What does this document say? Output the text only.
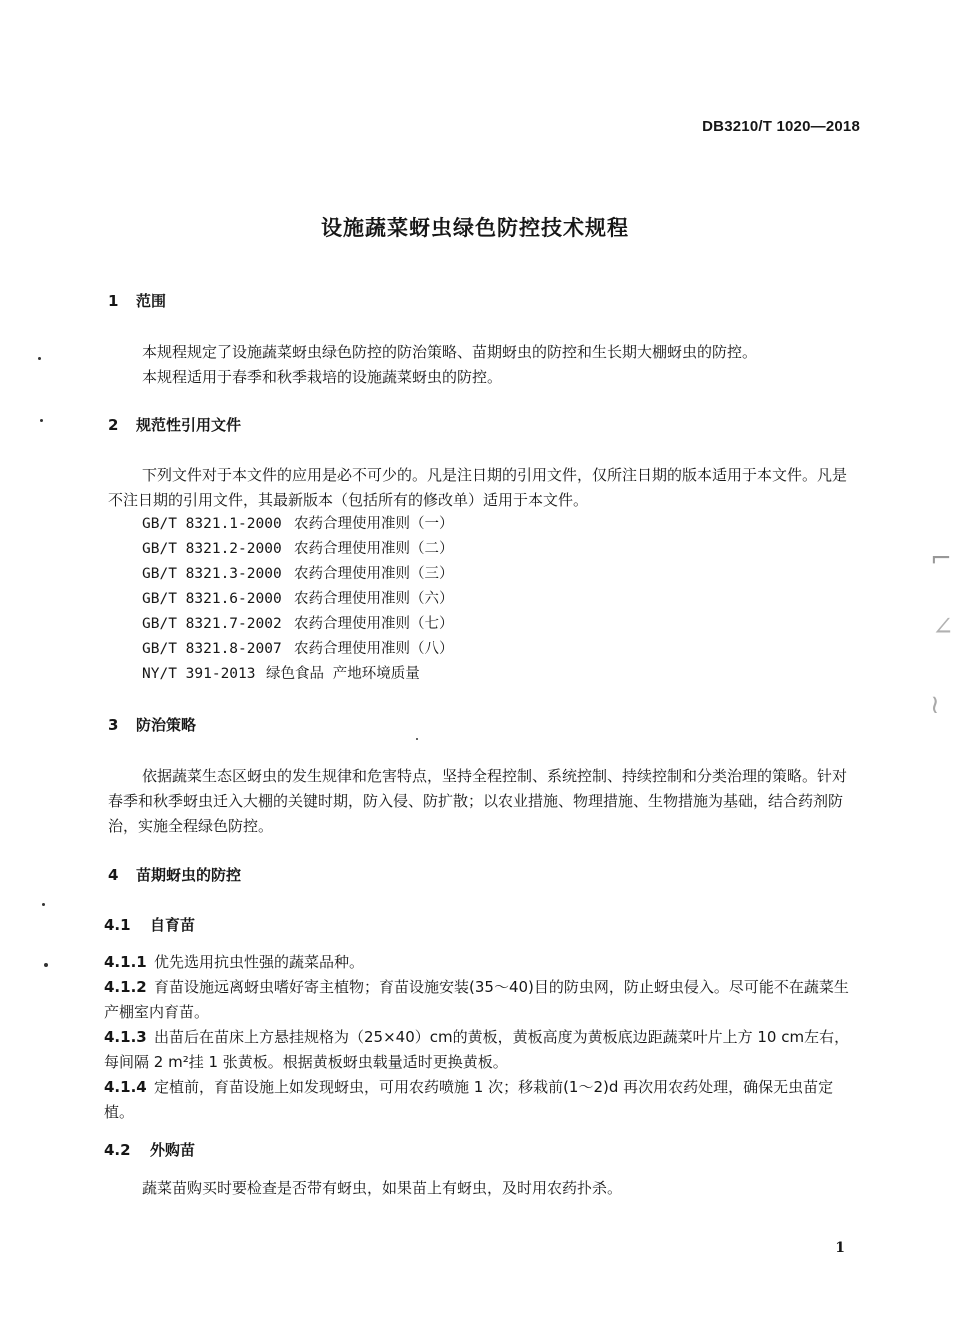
DB3210/T 1020—2018
设施蔬菜蚜虫绿色防控技术规程
1 范围
本规程规定了设施蔬菜蚜虫绿色防控的防治策略、苗期蚜虫的防控和生长期大棚蚜虫的防控。
本规程适用于春季和秋季栽培的设施蔬菜蚜虫的防控。
2 规范性引用文件
下列文件对于本文件的应用是必不可少的。凡是注日期的引用文件，仅所注日期的版本适用于本文件。凡是不注日期的引用文件，其最新版本（包括所有的修改单）适用于本文件。
GB/T 8321.1-2000 农药合理使用准则（一）
GB/T 8321.2-2000 农药合理使用准则（二）
GB/T 8321.3-2000 农药合理使用准则（三）
GB/T 8321.6-2000 农药合理使用准则（六）
GB/T 8321.7-2002 农药合理使用准则（七）
GB/T 8321.8-2007 农药合理使用准则（八）
NY/T 391-2013 绿色食品 产地环境质量
3 防治策略
依据蔬菜生态区蚜虫的发生规律和危害特点，坚持全程控制、系统控制、持续控制和分类治理的策略。针对春季和秋季蚜虫迁入大棚的关键时期，防入侵、防扩散；以农业措施、物理措施、生物措施为基础，结合药剂防治，实施全程绿色防控。
4 苗期蚜虫的防控
4.1 自育苗
4.1.1 优先选用抗虫性强的蔬菜品种。
4.1.2 育苗设施远离蚜虫嗜好寄主植物；育苗设施安装(35～40)目的防虫网，防止蚜虫侵入。尽可能不在蔬菜生产棚室内育苗。
4.1.3 出苗后在苗床上方悬挂规格为（25×40）cm的黄板，黄板高度为黄板底边距蔬菜叶片上方 10 cm左右，每间隔 2 m²挂 1 张黄板。根据黄板蚜虫载量适时更换黄板。
4.1.4 定植前，育苗设施上如发现蚜虫，可用农药喷施 1 次；移栽前(1～2)d 再次用农药处理，确保无虫苗定植。
4.2 外购苗
蔬菜苗购买时要检查是否带有蚜虫，如果苗上有蚜虫，及时用农药扑杀。
1
⌐
∠
≀
